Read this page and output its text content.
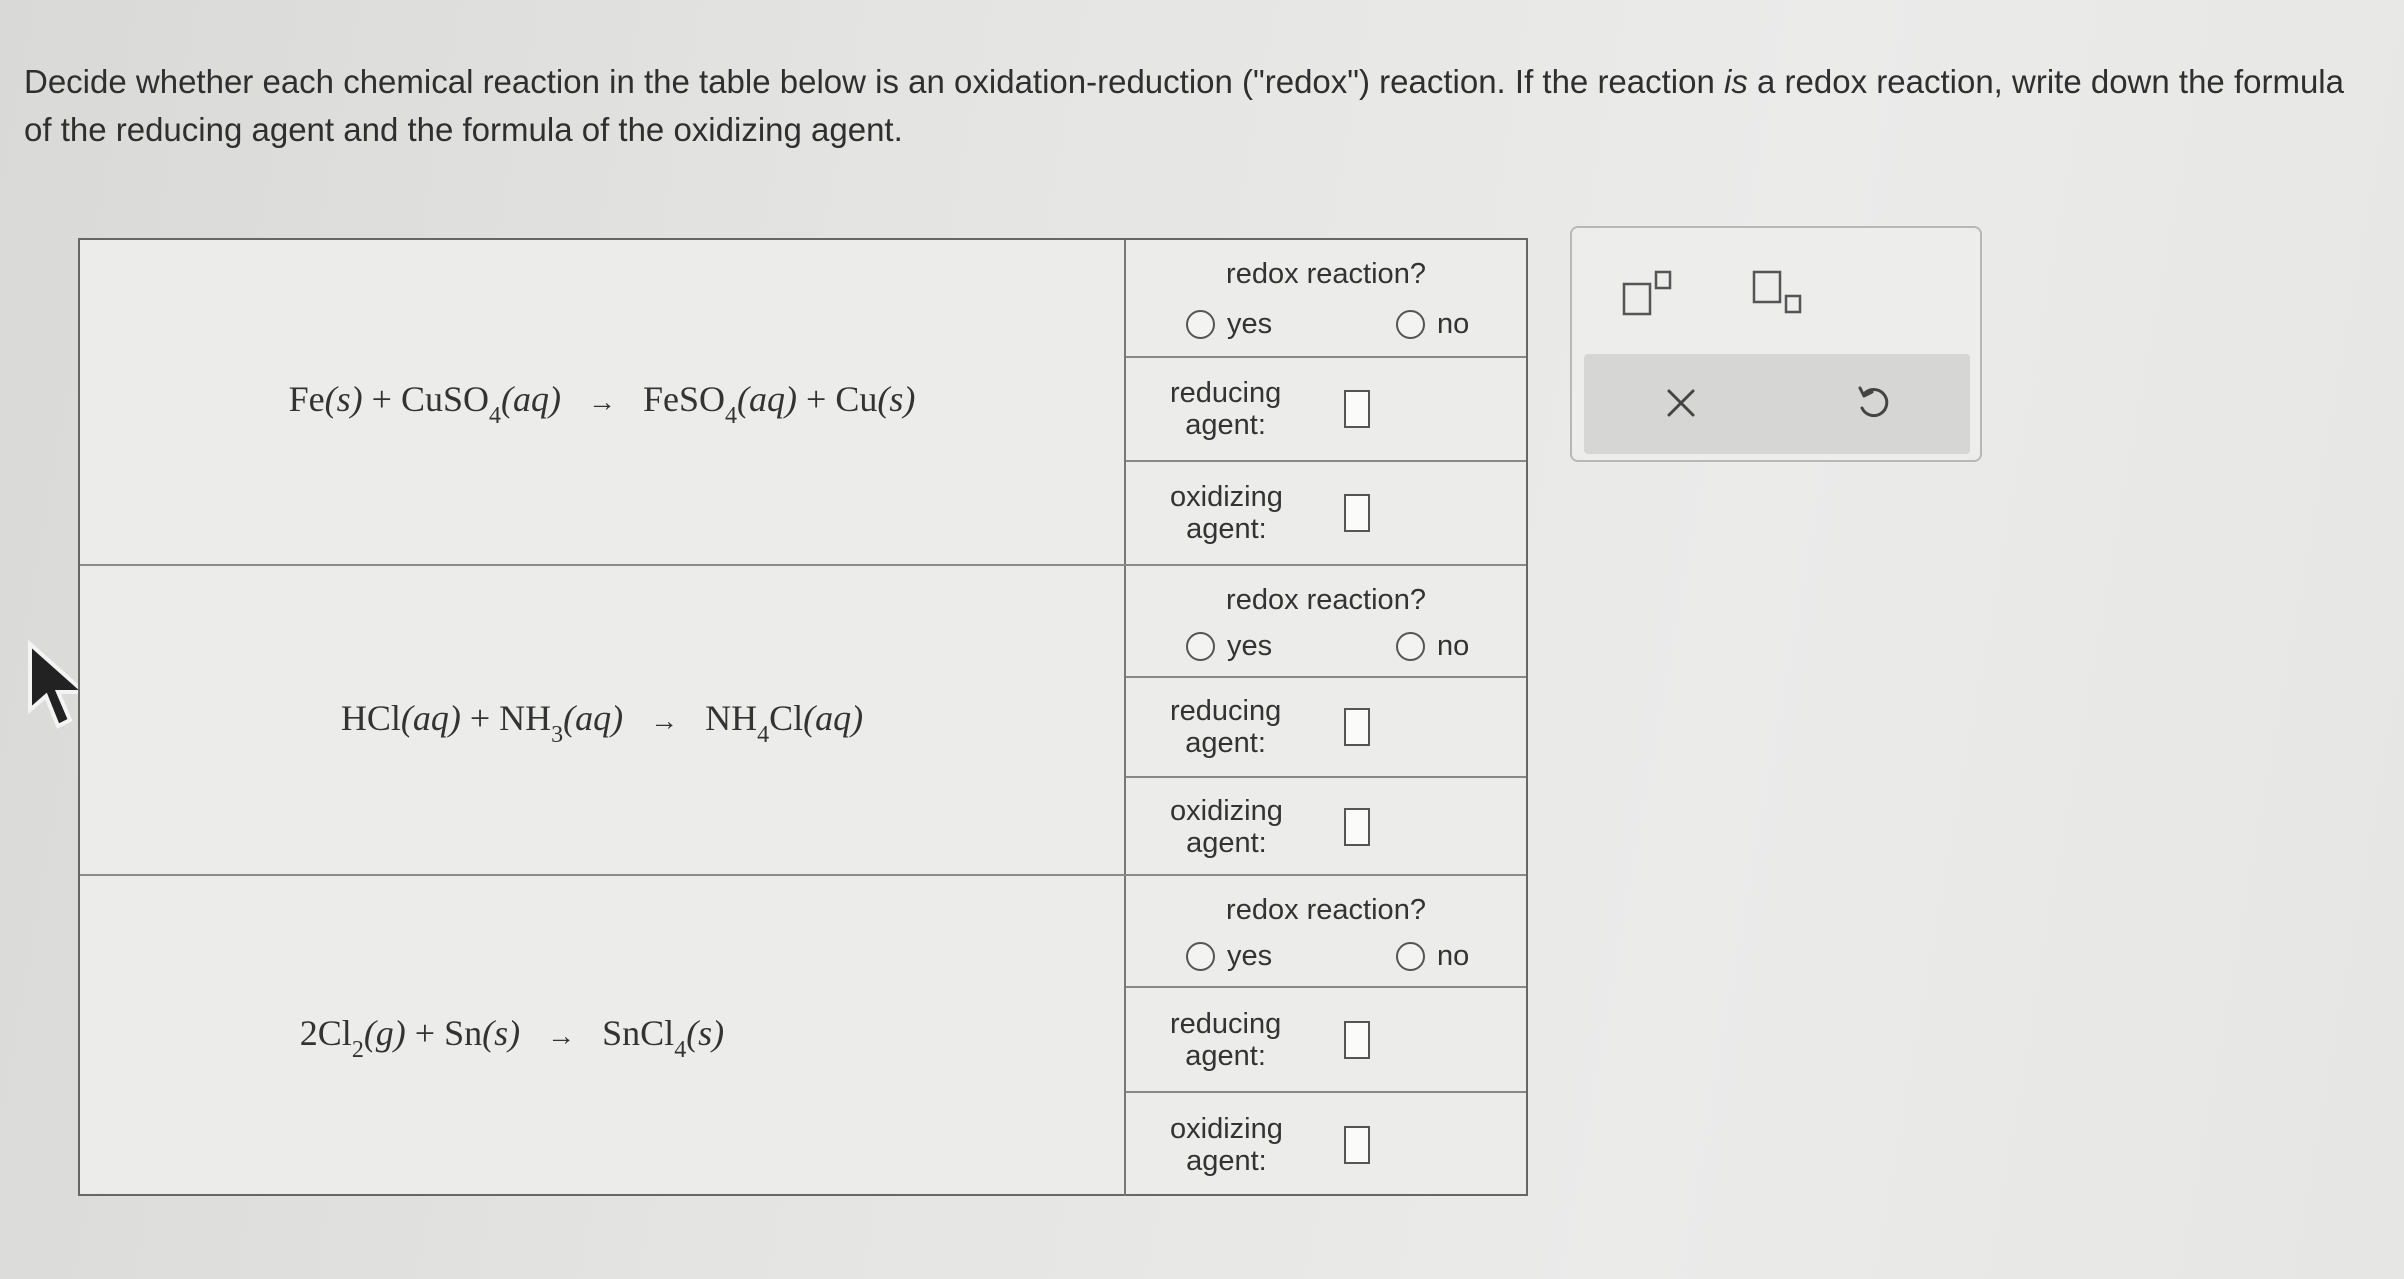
Decide whether each chemical reaction in the table below is an oxidation-reduction ("redox") reaction. If the reaction is a redox reaction, write down the formula of the reducing agent and the formula of the oxidizing agent.
Fe(s) + CuSO$_4$(aq) → FeSO$_4$(aq) + Cu(s)
redox reaction?
yes	no
reducing
agent:
oxidizing
agent:
$HCl(aq) + NH_3(aq) \to NH_4Cl(aq)$
redox reaction?
yes	no
reducing
agent:
oxidizing
agent:
$2Cl_2(g) + Sn(s)$ → SnCl$_4$(s)
redox reaction?
yes	no
reducing
agent:
oxidizing
agent:
